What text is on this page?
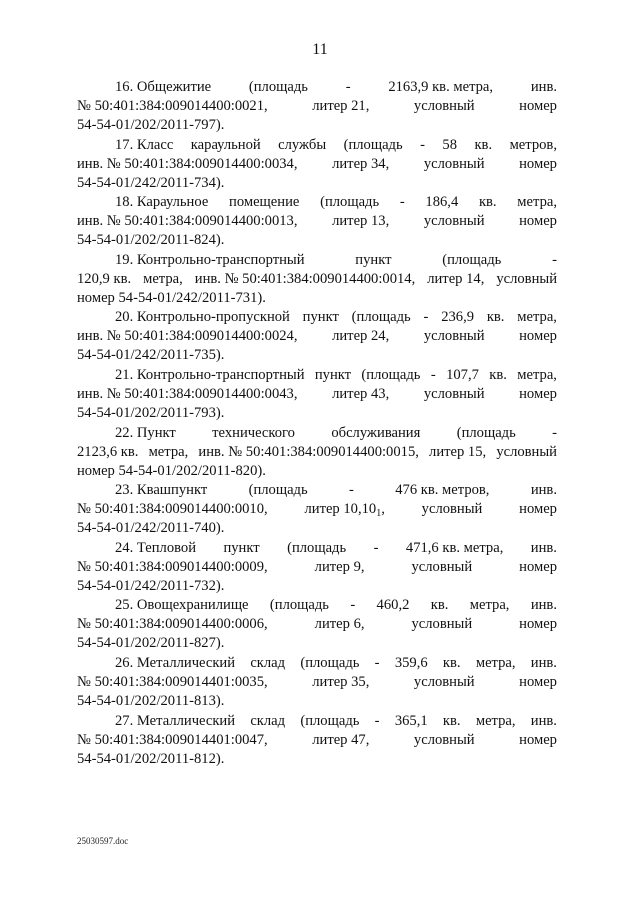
11
16. Общежитие	(площадь	-	2163,9 кв. метра,	инв.
№ 50:401:384:009014400:0021,	литер 21,	условный	номер
54-54-01/202/2011-797).
17. Класс караульной службы (площадь - 58 кв. метров,
инв. № 50:401:384:009014400:0034, литер 34, условный номер
54-54-01/242/2011-734).
18. Караульное помещение (площадь - 186,4 кв. метра,
инв. № 50:401:384:009014400:0013, литер 13, условный номер
54-54-01/202/2011-824).
19. Контрольно-транспортный	пункт	(площадь	-
120,9 кв. метра, инв. № 50:401:384:009014400:0014, литер 14, условный
номер 54-54-01/242/2011-731).
20. Контрольно-пропускной пункт (площадь - 236,9 кв. метра,
инв. № 50:401:384:009014400:0024, литер 24, условный номер
54-54-01/242/2011-735).
21. Контрольно-транспортный пункт (площадь - 107,7 кв. метра,
инв. № 50:401:384:009014400:0043, литер 43, условный номер
54-54-01/202/2011-793).
22. Пункт технического обслуживания (площадь -
2123,6 кв. метра, инв. № 50:401:384:009014400:0015, литер 15, условный
номер 54-54-01/202/2011-820).
23. Квашпункт	(площадь	-	476 кв. метров,	инв.
№ 50:401:384:009014400:0010,	литер $10,10_1$,	условный	номер
54-54-01/242/2011-740).
24. Тепловой пункт (площадь - 471,6 кв. метра, инв.
№ 50:401:384:009014400:0009,	литер 9,	условный	номер
54-54-01/242/2011-732).
25. Овощехранилище (площадь - 460,2 кв. метра, инв.
№ 50:401:384:009014400:0006,	литер 6,	условный	номер
54-54-01/202/2011-827).
26. Металлический склад (площадь - 359,6 кв. метра, инв.
№ 50:401:384:009014401:0035,	литер 35,	условный	номер
54-54-01/202/2011-813).
27. Металлический склад (площадь - 365,1 кв. метра, инв.
№ 50:401:384:009014401:0047,	литер 47,	условный	номер
54-54-01/202/2011-812).
25030597.doc
